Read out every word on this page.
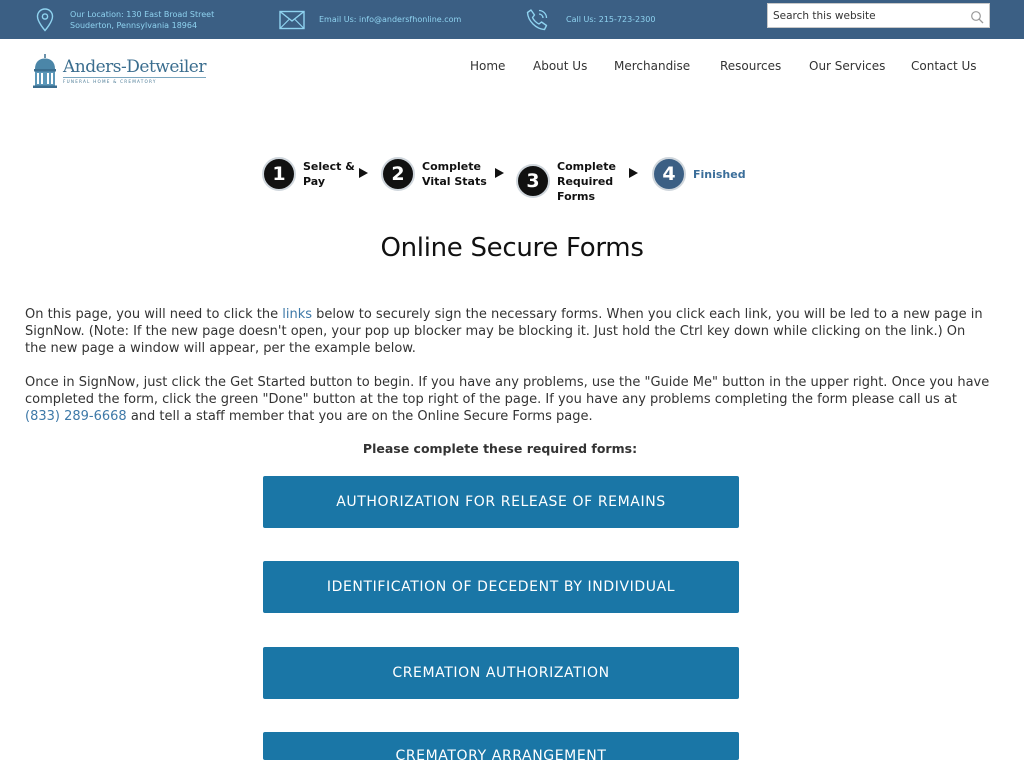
Our Location: 130 East Broad Street
Souderton, Pennsylvania 18964
Email Us: info@andersfhonline.com	Call Us: 215-723-2300
Search this website
Anders-Detweiler
FUNERAL HOME & CREMATORY
Home About Us Merchandise Resources Our Services Contact Us
1	Select &
Pay	2	Complete
Vital Stats	3
Complete
Required
Forms
4	Finished
Online Secure Forms

On this page, you will need to click the links below to securely sign the necessary forms. When you click each link, you will be led to a new page in SignNow. (Note: If the new page doesn't open, your pop up blocker may be blocking it. Just hold the Ctrl key down while clicking on the link.) On the new page a window will appear, per the example below.

Once in SignNow, just click the Get Started button to begin. If you have any problems, use the "Guide Me" button in the upper right. Once you have completed the form, click the green "Done" button at the top right of the page. If you have any problems completing the form please call us at (833) 289-6668 and tell a staff member that you are on the Online Secure Forms page.

Please complete these required forms:
AUTHORIZATION FOR RELEASE OF REMAINS
IDENTIFICATION OF DECEDENT BY INDIVIDUAL
CREMATION AUTHORIZATION
CREMATORY ARRANGEMENT
